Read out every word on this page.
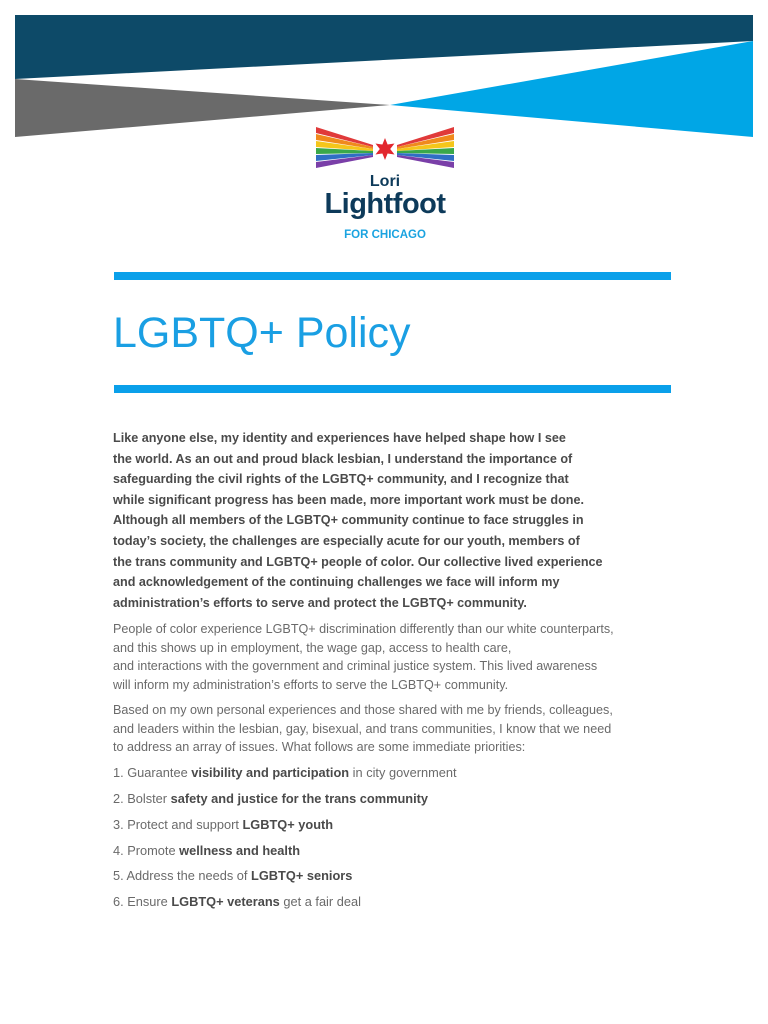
Lori
Lightfoot
FOR CHICAGO
LGBTQ+ Policy
Like anyone else, my identity and experiences have helped shape how I see
the world. As an out and proud black lesbian, I understand the importance of
safeguarding the civil rights of the LGBTQ+ community, and I recognize that
while significant progress has been made, more important work must be done.
Although all members of the LGBTQ+ community continue to face struggles in
today’s society, the challenges are especially acute for our youth, members of
the trans community and LGBTQ+ people of color. Our collective lived experience
and acknowledgement of the continuing challenges we face will inform my
administration’s efforts to serve and protect the LGBTQ+ community.
People of color experience LGBTQ+ discrimination differently than our white counterparts,
and this shows up in employment, the wage gap, access to health care,
and interactions with the government and criminal justice system. This lived awareness
will inform my administration’s efforts to serve the LGBTQ+ community.
Based on my own personal experiences and those shared with me by friends, colleagues,
and leaders within the lesbian, gay, bisexual, and trans communities, I know that we need
to address an array of issues. What follows are some immediate priorities:
1. Guarantee visibility and participation in city government
2. Bolster safety and justice for the trans community
3. Protect and support LGBTQ+ youth
4. Promote wellness and health
5. Address the needs of LGBTQ+ seniors
6. Ensure LGBTQ+ veterans get a fair deal
